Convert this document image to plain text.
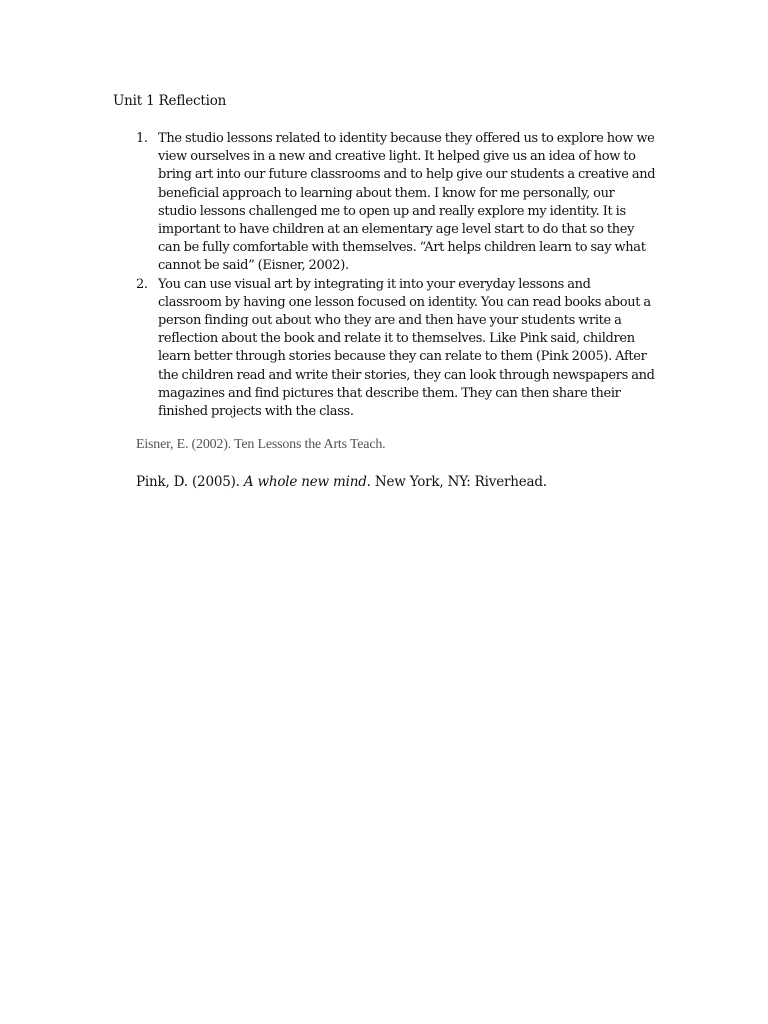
Unit 1 Reflection
1. The studio lessons related to identity because they offered us to explore how we view ourselves in a new and creative light. It helped give us an idea of how to bring art into our future classrooms and to help give our students a creative and beneficial approach to learning about them. I know for me personally, our studio lessons challenged me to open up and really explore my identity. It is important to have children at an elementary age level start to do that so they can be fully comfortable with themselves. “Art helps children learn to say what cannot be said” (Eisner, 2002).
2. You can use visual art by integrating it into your everyday lessons and classroom by having one lesson focused on identity. You can read books about a person finding out about who they are and then have your students write a reflection about the book and relate it to themselves. Like Pink said, children learn better through stories because they can relate to them (Pink 2005). After the children read and write their stories, they can look through newspapers and magazines and find pictures that describe them. They can then share their finished projects with the class.
Eisner, E. (2002). Ten Lessons the Arts Teach.
Pink, D. (2005). A whole new mind. New York, NY: Riverhead.
